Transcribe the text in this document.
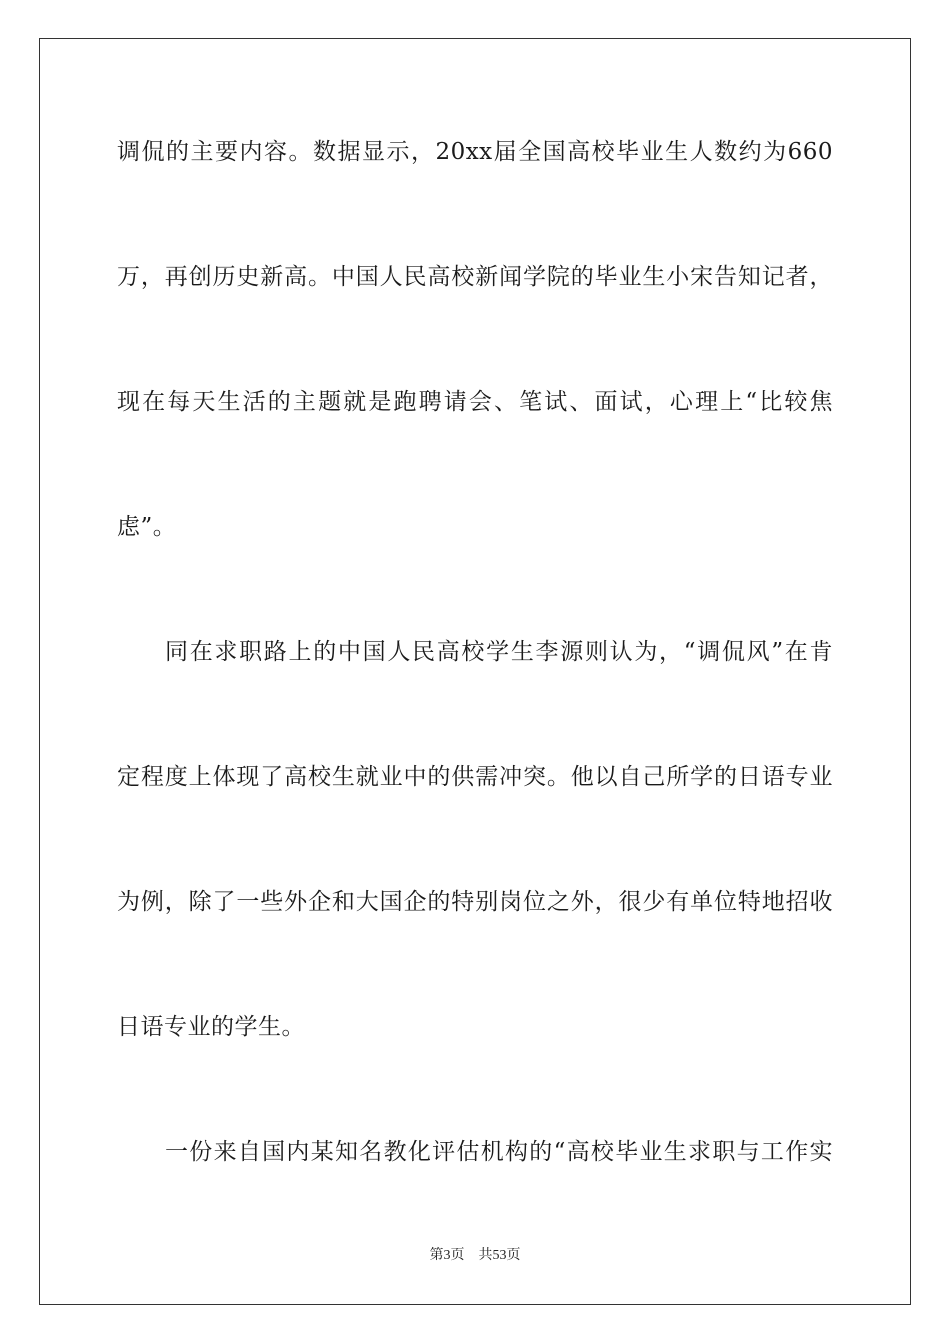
调侃的主要内容。数据显示，20xx届全国高校毕业生人数约为660
万，再创历史新高。中国人民高校新闻学院的毕业生小宋告知记者，
现在每天生活的主题就是跑聘请会、笔试、面试，心理上“比较焦
虑”。
同在求职路上的中国人民高校学生李源则认为，“调侃风”在肯
定程度上体现了高校生就业中的供需冲突。他以自己所学的日语专业
为例，除了一些外企和大国企的特别岗位之外，很少有单位特地招收
日语专业的学生。
一份来自国内某知名教化评估机构的“高校毕业生求职与工作实
第3页 共53页
